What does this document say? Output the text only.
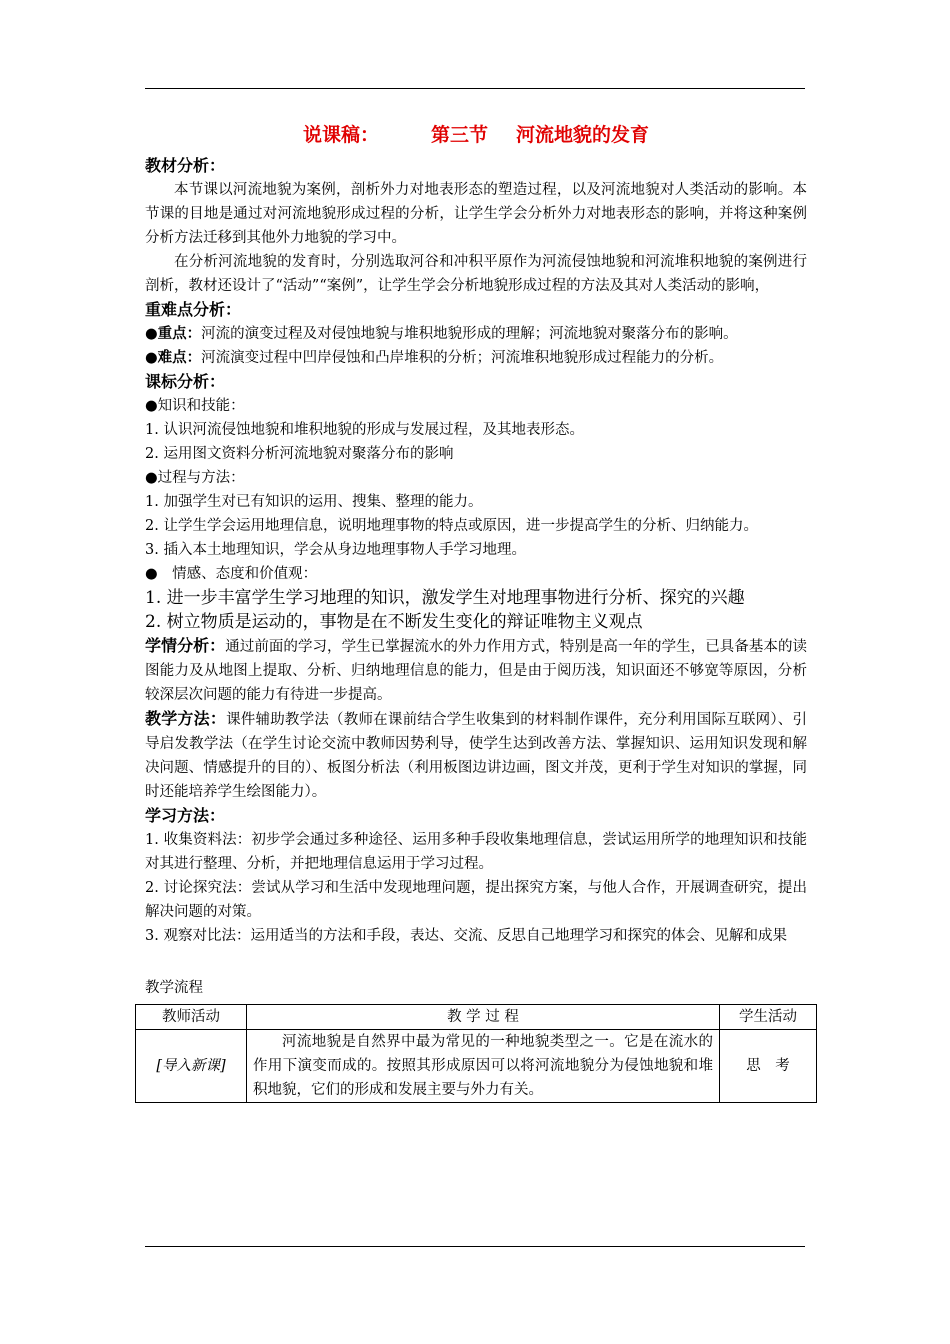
说课稿：	第三节 河流地貌的发育
教材分析：
本节课以河流地貌为案例，剖析外力对地表形态的塑造过程，以及河流地貌对人类活动的影响。本节课的目地是通过对河流地貌形成过程的分析，让学生学会分析外力对地表形态的影响，并将这种案例分析方法迁移到其他外力地貌的学习中。
在分析河流地貌的发育时，分别选取河谷和冲积平原作为河流侵蚀地貌和河流堆积地貌的案例进行剖析，教材还设计了“活动”“案例”，让学生学会分析地貌形成过程的方法及其对人类活动的影响，
重难点分析：
●重点：河流的演变过程及对侵蚀地貌与堆积地貌形成的理解；河流地貌对聚落分布的影响。
●难点：河流演变过程中凹岸侵蚀和凸岸堆积的分析；河流堆积地貌形成过程能力的分析。
课标分析：
●知识和技能：
1. 认识河流侵蚀地貌和堆积地貌的形成与发展过程，及其地表形态。
2. 运用图文资料分析河流地貌对聚落分布的影响
●过程与方法：
1. 加强学生对已有知识的运用、搜集、整理的能力。
2. 让学生学会运用地理信息，说明地理事物的特点或原因，进一步提高学生的分析、归纳能力。
3. 插入本土地理知识，学会从身边地理事物人手学习地理。
●　情感、态度和价值观：
1. 进一步丰富学生学习地理的知识，激发学生对地理事物进行分析、探究的兴趣
2. 树立物质是运动的，事物是在不断发生变化的辩证唯物主义观点
学情分析：通过前面的学习，学生已掌握流水的外力作用方式，特别是高一年的学生，已具备基本的读图能力及从地图上提取、分析、归纳地理信息的能力，但是由于阅历浅，知识面还不够宽等原因，分析较深层次问题的能力有待进一步提高。
教学方法：课件辅助教学法（教师在课前结合学生收集到的材料制作课件，充分利用国际互联网）、引导启发教学法（在学生讨论交流中教师因势利导，使学生达到改善方法、掌握知识、运用知识发现和解决问题、情感提升的目的）、板图分析法（利用板图边讲边画，图文并茂，更利于学生对知识的掌握，同时还能培养学生绘图能力）。
学习方法：
1. 收集资料法：初步学会通过多种途径、运用多种手段收集地理信息，尝试运用所学的地理知识和技能对其进行整理、分析，并把地理信息运用于学习过程。
2. 讨论探究法：尝试从学习和生活中发现地理问题，提出探究方案，与他人合作，开展调查研究，提出解决问题的对策。
3. 观察对比法：运用适当的方法和手段，表达、交流、反思自己地理学习和探究的体会、见解和成果
教学流程
教师活动	教 学 过 程	学生活动
[导入新课]	河流地貌是自然界中最为常见的一种地貌类型之一。它是在流水的作用下演变而成的。按照其形成原因可以将河流地貌分为侵蚀地貌和堆积地貌，它们的形成和发展主要与外力有关。	思　考
